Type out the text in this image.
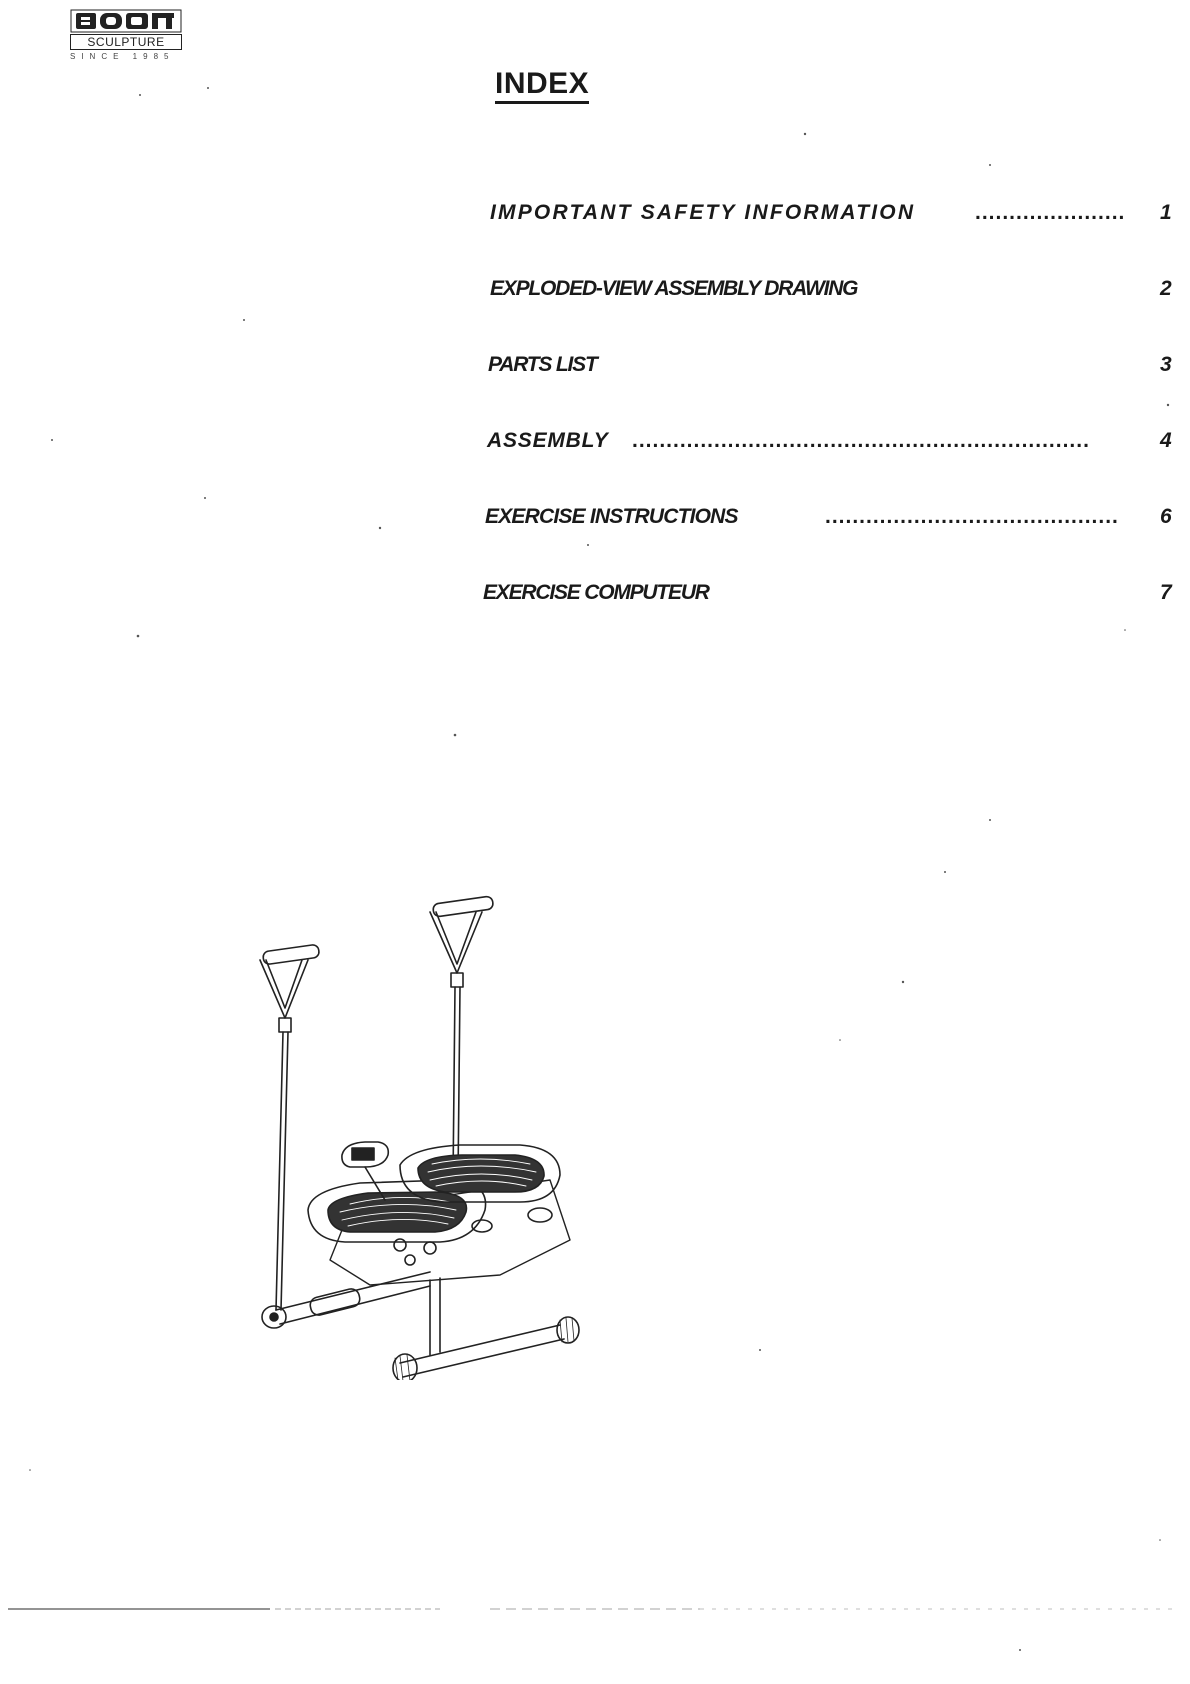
SCULPTURE
SINCE 1985
INDEX
IMPORTANT SAFETY INFORMATION	......................	1
EXPLODED-VIEW ASSEMBLY DRAWING	2
PARTS LIST	3
ASSEMBLY ...................................................................	4
EXERCISE INSTRUCTIONS	...........................................	6
EXERCISE COMPUTEUR	7
